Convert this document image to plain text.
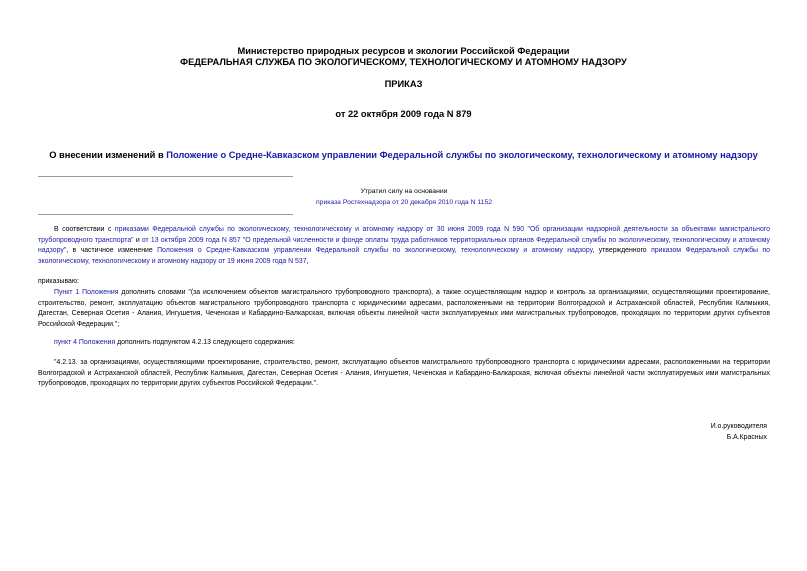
Министерство природных ресурсов и экологии Российской Федерации
ФЕДЕРАЛЬНАЯ СЛУЖБА ПО ЭКОЛОГИЧЕСКОМУ, ТЕХНОЛОГИЧЕСКОМУ И АТОМНОМУ НАДЗОРУ
ПРИКАЗ
от 22 октября 2009 года N 879
О внесении изменений в Положение о Средне-Кавказском управлении Федеральной службы по экологическому, технологическому и атомному надзору
Утратил силу на основании
приказа Ростехнадзора от 20 декабря 2010 года N 1152
В соответствии с приказами Федеральной службы по экологическому, технологическому и атомному надзору от 30 июня 2009 года N 590 "Об организации надзорной деятельности за объектами магистрального трубопроводного транспорта" и от 13 октября 2009 года N 857 "О предельной численности и фонде оплаты труда работников территориальных органов Федеральной службы по экологическому, технологическому и атомному надзору", в частичное изменение Положения о Средне-Кавказском управлении Федеральной службы по экологическому, технологическому и атомному надзору, утвержденного приказом Федеральной службы по экологическому, технологическому и атомному надзору от 19 июня 2009 года N 537,
приказываю:
Пункт 1 Положения дополнить словами "(за исключением объектов магистрального трубопроводного транспорта), а также осуществляющим надзор и контроль за организациями, осуществляющими проектирование, строительство, ремонт, эксплуатацию объектов магистрального трубопроводного транспорта с юридическими адресами, расположенными на территории Волгоградской и Астраханской областей, Республик Калмыкия, Дагестан, Северная Осетия - Алания, Ингушетия, Чеченская и Кабардино-Балкарская, включая объекты линейной части эксплуатируемых ими магистральных трубопроводов, проходящих по территории других субъектов Российской Федерации.";
пункт 4 Положения дополнить подпунктом 4.2.13 следующего содержания:
"4.2.13. за организациями, осуществляющими проектирование, строительство, ремонт, эксплуатацию объектов магистрального трубопроводного транспорта с юридическими адресами, расположенными на территории Волгоградской и Астраханской областей, Республик Калмыкия, Дагестан, Северная Осетия - Алания, Ингушетия, Чеченская и Кабардино-Балкарская, включая объекты линейной части эксплуатируемых ими магистральных трубопроводов, проходящих по территории других субъектов Российской Федерации.".
И.о.руководителя
Б.А.Красных
